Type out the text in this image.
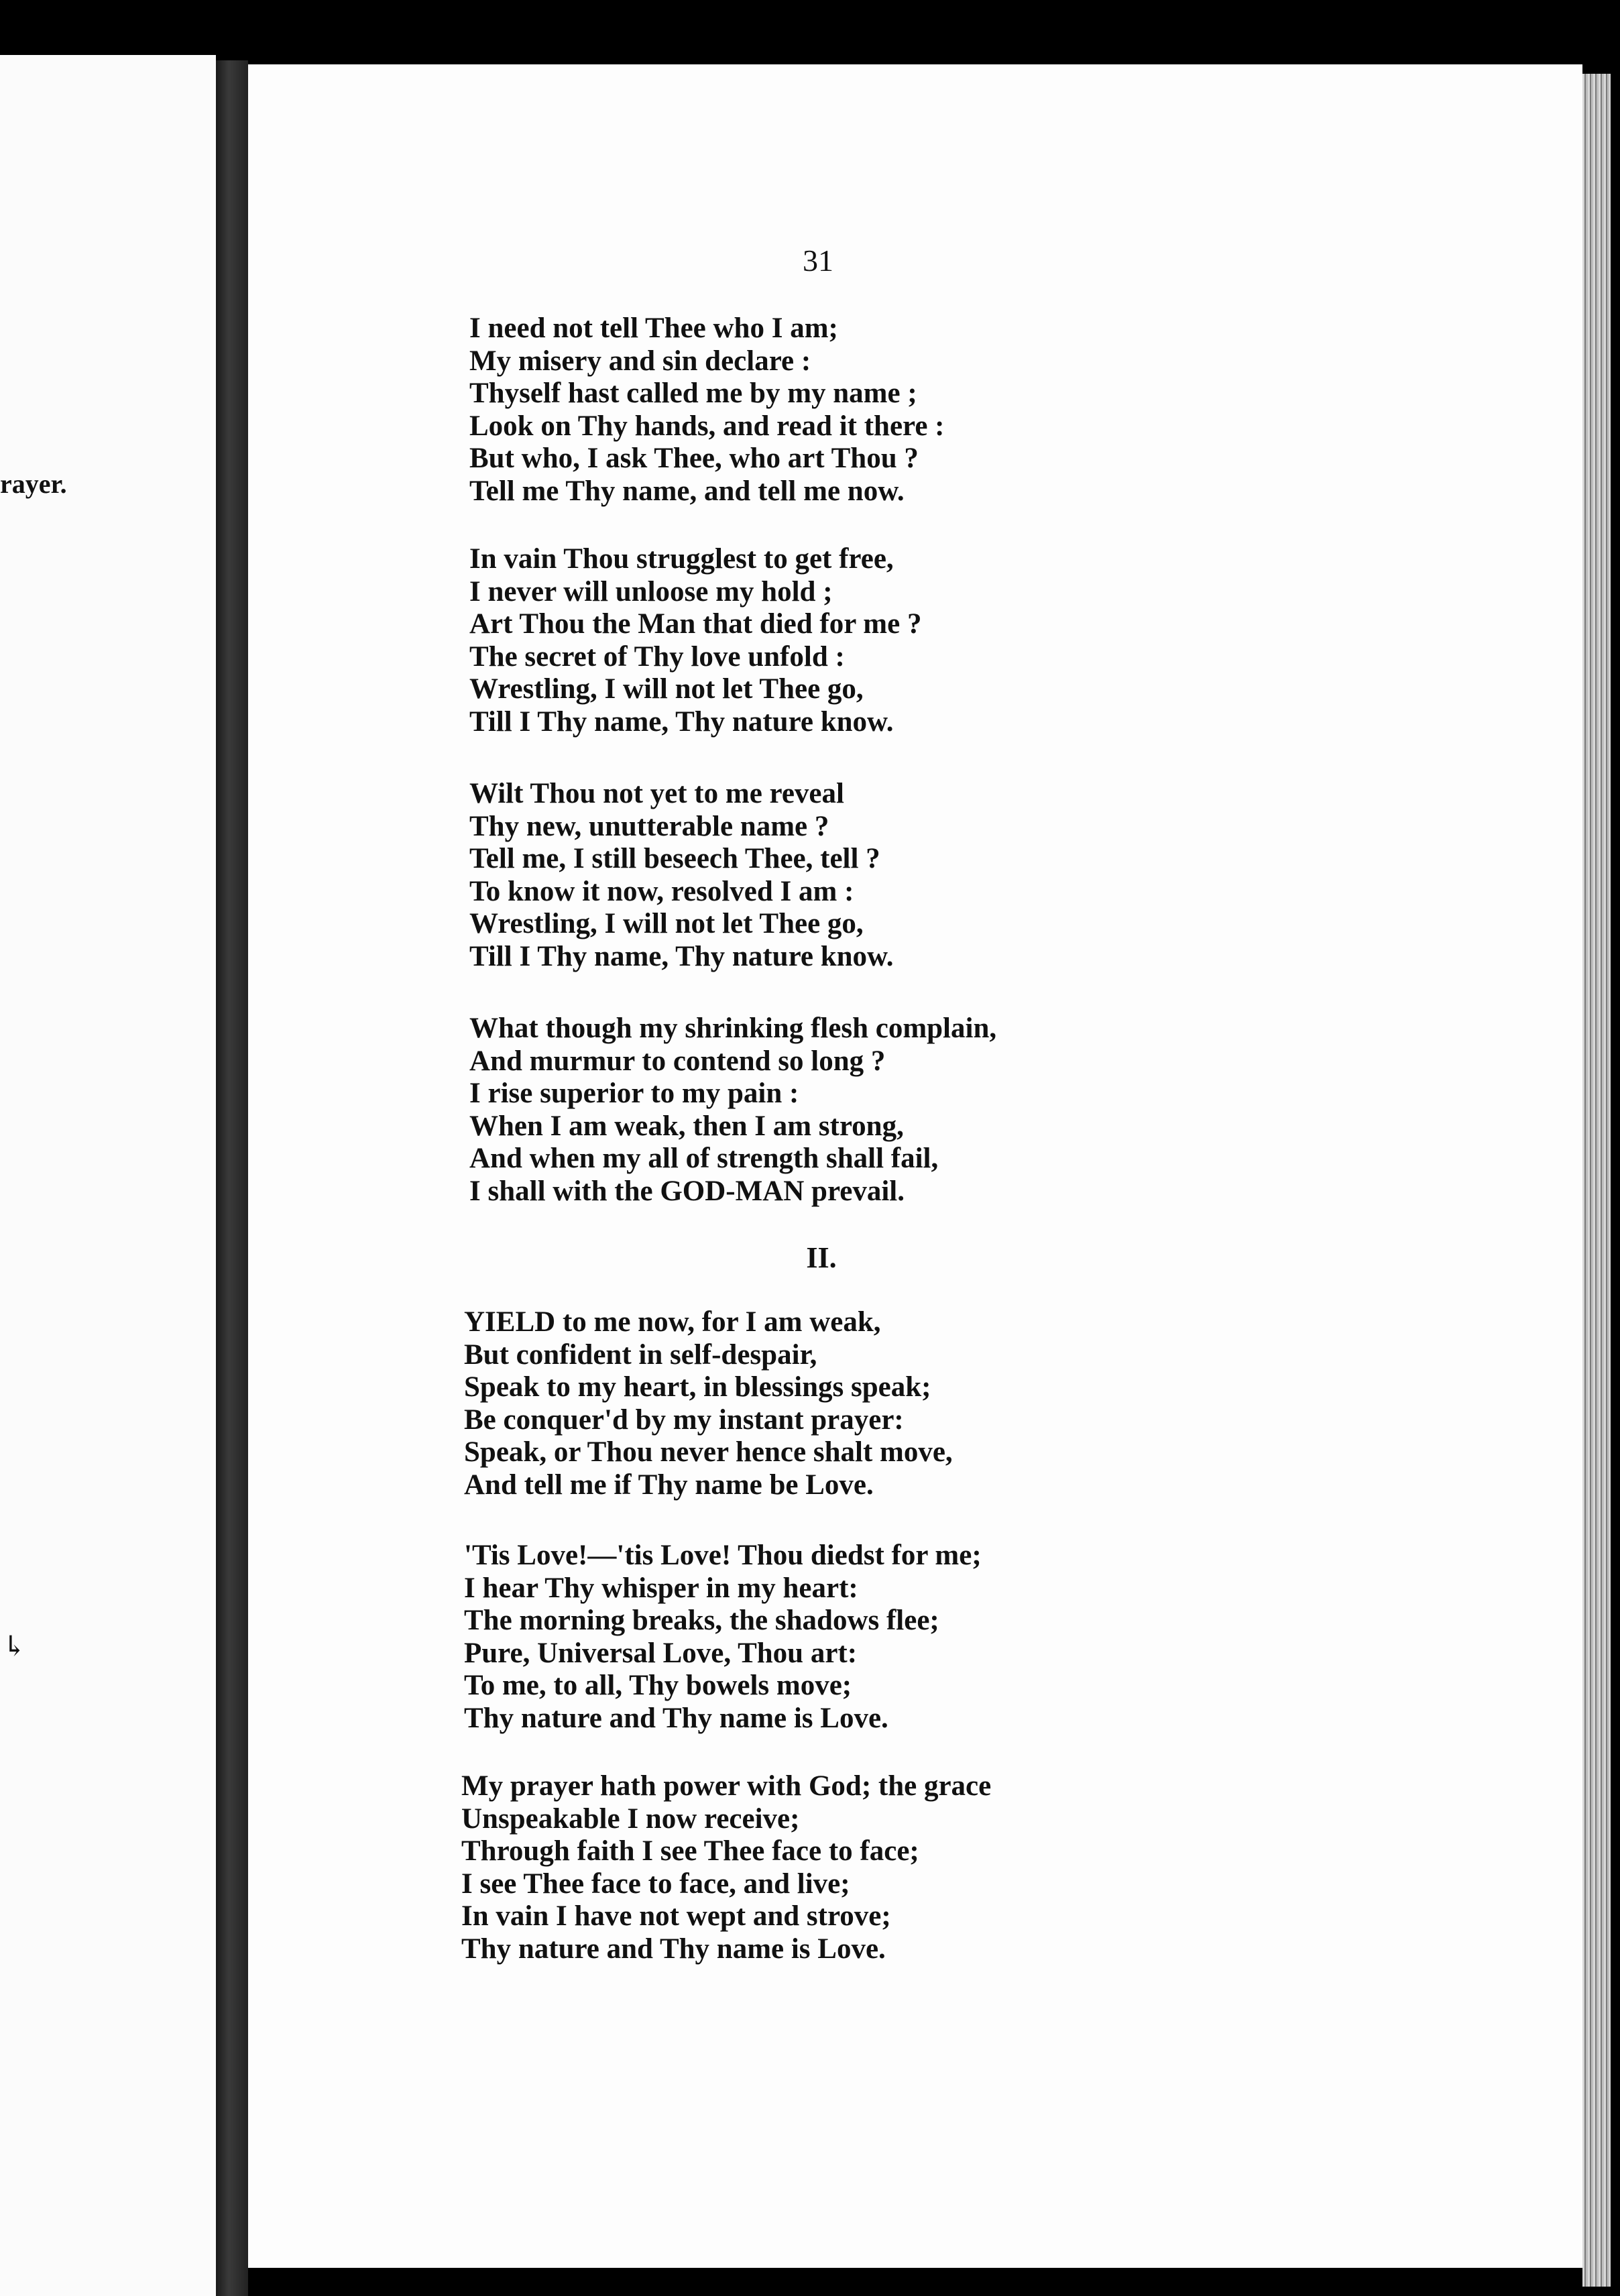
rayer.
↳
31
I need not tell Thee who I am;
My misery and sin declare :
Thyself hast called me by my name ;
Look on Thy hands, and read it there :
But who, I ask Thee, who art Thou ?
Tell me Thy name, and tell me now.
In vain Thou strugglest to get free,
I never will unloose my hold ;
Art Thou the Man that died for me ?
The secret of Thy love unfold :
Wrestling, I will not let Thee go,
Till I Thy name, Thy nature know.
Wilt Thou not yet to me reveal
Thy new, unutterable name ?
Tell me, I still beseech Thee, tell ?
To know it now, resolved I am :
Wrestling, I will not let Thee go,
Till I Thy name, Thy nature know.
What though my shrinking flesh complain,
And murmur to contend so long ?
I rise superior to my pain :
When I am weak, then I am strong,
And when my all of strength shall fail,
I shall with the GOD-MAN prevail.
II.
YIELD to me now, for I am weak,
But confident in self-despair,
Speak to my heart, in blessings speak;
Be conquer'd by my instant prayer:
Speak, or Thou never hence shalt move,
And tell me if Thy name be Love.
'Tis Love!—'tis Love! Thou diedst for me;
I hear Thy whisper in my heart:
The morning breaks, the shadows flee;
Pure, Universal Love, Thou art:
To me, to all, Thy bowels move;
Thy nature and Thy name is Love.
My prayer hath power with God; the grace
Unspeakable I now receive;
Through faith I see Thee face to face;
I see Thee face to face, and live;
In vain I have not wept and strove;
Thy nature and Thy name is Love.
